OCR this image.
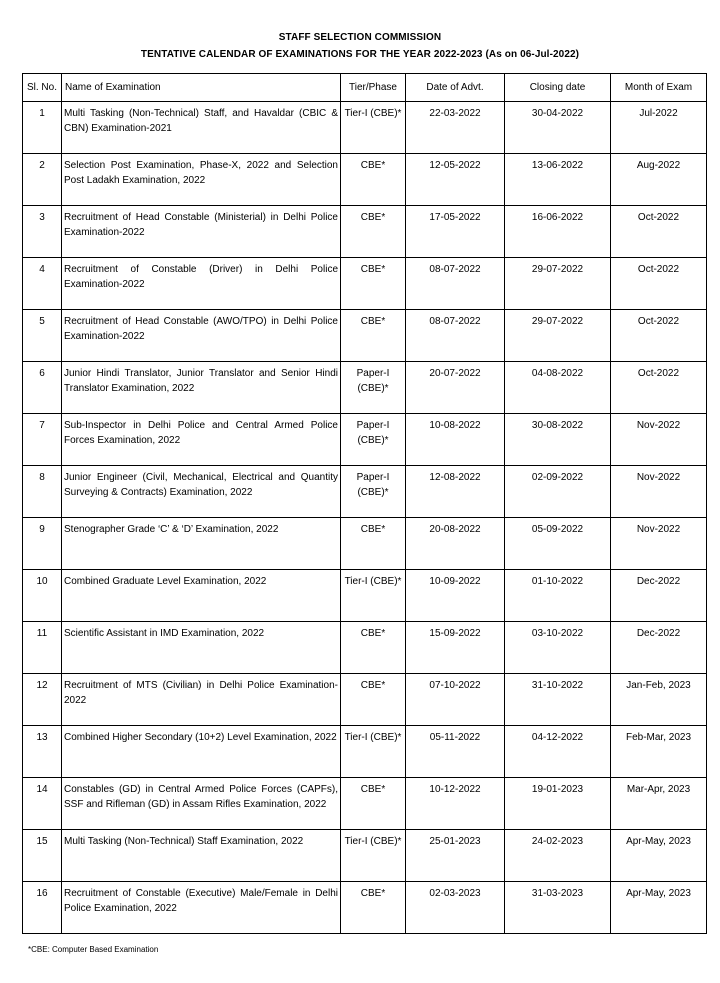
STAFF SELECTION COMMISSION
TENTATIVE CALENDAR OF EXAMINATIONS FOR THE YEAR 2022-2023 (As on 06-Jul-2022)
Sl. No.	Name of Examination	Tier/Phase	Date of Advt.	Closing date	Month of Exam

1	Multi Tasking (Non-Technical) Staff, and Havaldar (CBIC & CBN) Examination-2021	Tier-I (CBE)*	22-03-2022	30-04-2022	Jul-2022

2	Selection Post Examination, Phase-X, 2022 and Selection Post Ladakh Examination, 2022	CBE*	12-05-2022	13-06-2022	Aug-2022

3	Recruitment of Head Constable (Ministerial) in Delhi Police Examination-2022	CBE*	17-05-2022	16-06-2022	Oct-2022

4	Recruitment of Constable (Driver) in Delhi Police Examination-2022	CBE*	08-07-2022	29-07-2022	Oct-2022

5	Recruitment of Head Constable (AWO/TPO) in Delhi Police Examination-2022	CBE*	08-07-2022	29-07-2022	Oct-2022

6	Junior Hindi Translator, Junior Translator and Senior Hindi Translator Examination, 2022	Paper-I (CBE)*	20-07-2022	04-08-2022	Oct-2022

7	Sub-Inspector in Delhi Police and Central Armed Police Forces Examination, 2022	Paper-I (CBE)*	10-08-2022	30-08-2022	Nov-2022

8	Junior Engineer (Civil, Mechanical, Electrical and Quantity Surveying & Contracts) Examination, 2022	Paper-I (CBE)*	12-08-2022	02-09-2022	Nov-2022

9	Stenographer Grade ‘C’ & ‘D’ Examination, 2022	CBE*	20-08-2022	05-09-2022	Nov-2022

10	Combined Graduate Level Examination, 2022	Tier-I (CBE)*	10-09-2022	01-10-2022	Dec-2022

11	Scientific Assistant in IMD Examination, 2022	CBE*	15-09-2022	03-10-2022	Dec-2022

12	Recruitment of MTS (Civilian) in Delhi Police Examination- 2022	CBE*	07-10-2022	31-10-2022	Jan-Feb, 2023

13	Combined Higher Secondary (10+2) Level Examination, 2022	Tier-I (CBE)*	05-11-2022	04-12-2022	Feb-Mar, 2023

14	Constables (GD) in Central Armed Police Forces (CAPFs), SSF and Rifleman (GD) in Assam Rifles Examination, 2022	CBE*	10-12-2022	19-01-2023	Mar-Apr, 2023

15	Multi Tasking (Non-Technical) Staff Examination, 2022	Tier-I (CBE)*	25-01-2023	24-02-2023	Apr-May, 2023

16	Recruitment of Constable (Executive) Male/Female in Delhi Police Examination, 2022	CBE*	02-03-2023	31-03-2023	Apr-May, 2023
*CBE: Computer Based Examination
